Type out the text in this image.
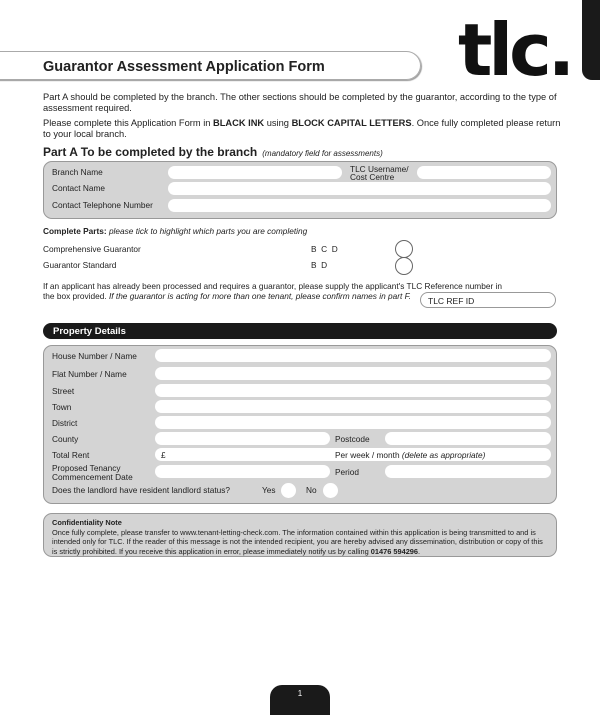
Guarantor Assessment Application Form tlc.
Part A should be completed by the branch. The other sections should be completed by the guarantor, according to the type of assessment required.
Please complete this Application Form in BLACK INK using BLOCK CAPITAL LETTERS. Once fully completed please return to your local branch.
Part A To be completed by the branch (mandatory field for assessments)
Branch Name	TLC Username/
Cost Centre
Contact Name
Contact Telephone Number
Complete Parts: please tick to highlight which parts you are completing
Comprehensive Guarantor	B  C  D
Guarantor Standard	B  D
If an applicant has already been processed and requires a guarantor, please supply the applicant's TLC Reference number in the box provided. If the guarantor is acting for more than one tenant, please confirm names in part F.
TLC REF ID
Property Details
House Number / Name
Flat Number / Name
Street
Town
District
County	Postcode
Total Rent	£	Per week / month (delete as appropriate)
Proposed Tenancy
Commencement Date	Period
Does the landlord have resident landlord status?	Yes	No
Confidentiality Note
Once fully complete, please transfer to www.tenant-letting-check.com. The information contained within this application is being transmitted to and is intended only for TLC. If the reader of this message is not the intended recipient, you are hereby advised any dissemination, distribution or copy of this is strictly prohibited. If you receive this application in error, please immediately notify us by calling 01476 594296.
1
